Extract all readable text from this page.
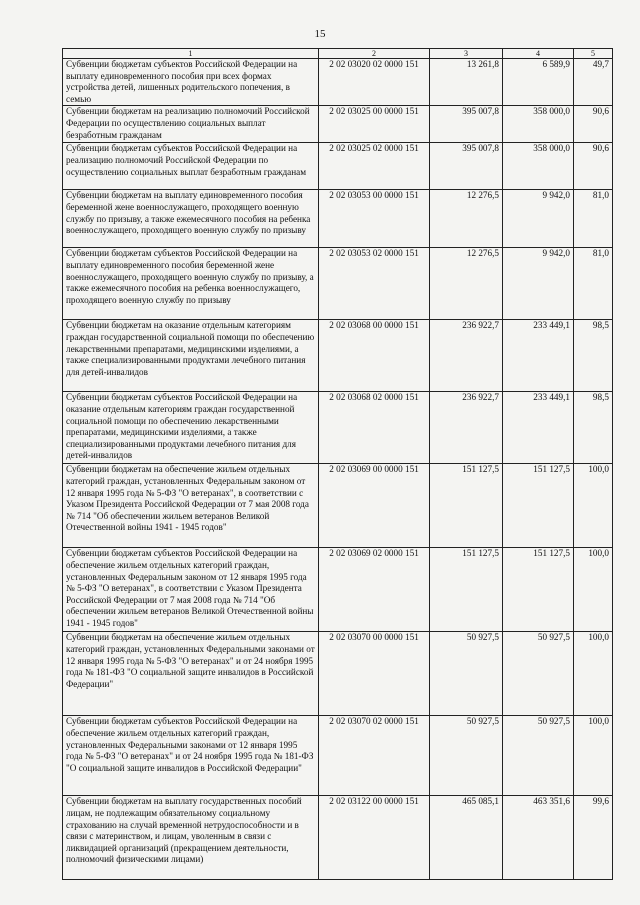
15
1	2	3	4	5
Субвенции бюджетам субъектов Российской Федерации на выплату единовременного пособия при всех формах устройства детей, лишенных родительского попечения, в семью	2 02 03020 02 0000 151	13 261,8	6 589,9	49,7
Субвенции бюджетам на реализацию полномочий Российской Федерации по осуществлению социальных выплат безработным гражданам	2 02 03025 00 0000 151	395 007,8	358 000,0	90,6
Субвенции бюджетам субъектов Российской Федерации на реализацию полномочий Российской Федерации по осуществлению социальных выплат безработным гражданам	2 02 03025 02 0000 151	395 007,8	358 000,0	90,6
Субвенции бюджетам на выплату единовременного пособия беременной жене военнослужащего, проходящего военную службу по призыву, а также ежемесячного пособия на ребенка военнослужащего, проходящего военную службу по призыву	2 02 03053 00 0000 151	12 276,5	9 942,0	81,0
Субвенции бюджетам субъектов Российской Федерации на выплату единовременного пособия беременной жене военнослужащего, проходящего военную службу по призыву, а также ежемесячного пособия на ребенка военнослужащего, проходящего военную службу по призыву	2 02 03053 02 0000 151	12 276,5	9 942,0	81,0
Субвенции бюджетам на оказание отдельным категориям граждан государственной социальной помощи по обеспечению лекарственными препаратами, медицинскими изделиями, а также специализированными продуктами лечебного питания для детей-инвалидов	2 02 03068 00 0000 151	236 922,7	233 449,1	98,5
Субвенции бюджетам субъектов Российской Федерации на оказание отдельным категориям граждан государственной социальной помощи по обеспечению лекарственными препаратами, медицинскими изделиями, а также специализированными продуктами лечебного питания для детей-инвалидов	2 02 03068 02 0000 151	236 922,7	233 449,1	98,5
Субвенции бюджетам на обеспечение жильем отдельных категорий граждан, установленных Федеральным законом от 12 января 1995 года № 5-ФЗ "О ветеранах", в соответствии с Указом Президента Российской Федерации от 7 мая 2008 года № 714 "Об обеспечении жильем ветеранов Великой Отечественной войны 1941 - 1945 годов"	2 02 03069 00 0000 151	151 127,5	151 127,5	100,0
Субвенции бюджетам субъектов Российской Федерации на обеспечение жильем отдельных категорий граждан, установленных Федеральным законом от 12 января 1995 года № 5-ФЗ "О ветеранах", в соответствии с Указом Президента Российской Федерации от 7 мая 2008 года № 714 "Об обеспечении жильем ветеранов Великой Отечественной войны 1941 - 1945 годов"	2 02 03069 02 0000 151	151 127,5	151 127,5	100,0
Субвенции бюджетам на обеспечение жильем отдельных категорий граждан, установленных Федеральными законами от 12 января 1995 года № 5-ФЗ "О ветеранах" и от 24 ноября 1995 года № 181-ФЗ "О социальной защите инвалидов в Российской Федерации"	2 02 03070 00 0000 151	50 927,5	50 927,5	100,0
Субвенции бюджетам субъектов Российской Федерации на обеспечение жильем отдельных категорий граждан, установленных Федеральными законами от 12 января 1995 года № 5-ФЗ "О ветеранах" и от 24 ноября 1995 года № 181-ФЗ "О социальной защите инвалидов в Российской Федерации"	2 02 03070 02 0000 151	50 927,5	50 927,5	100,0
Субвенции бюджетам на выплату государственных пособий лицам, не подлежащим обязательному социальному страхованию на случай временной нетрудоспособности и в связи с материнством, и лицам, уволенным в связи с ликвидацией организаций (прекращением деятельности, полномочий физическими лицами)	2 02 03122 00 0000 151	465 085,1	463 351,6	99,6
